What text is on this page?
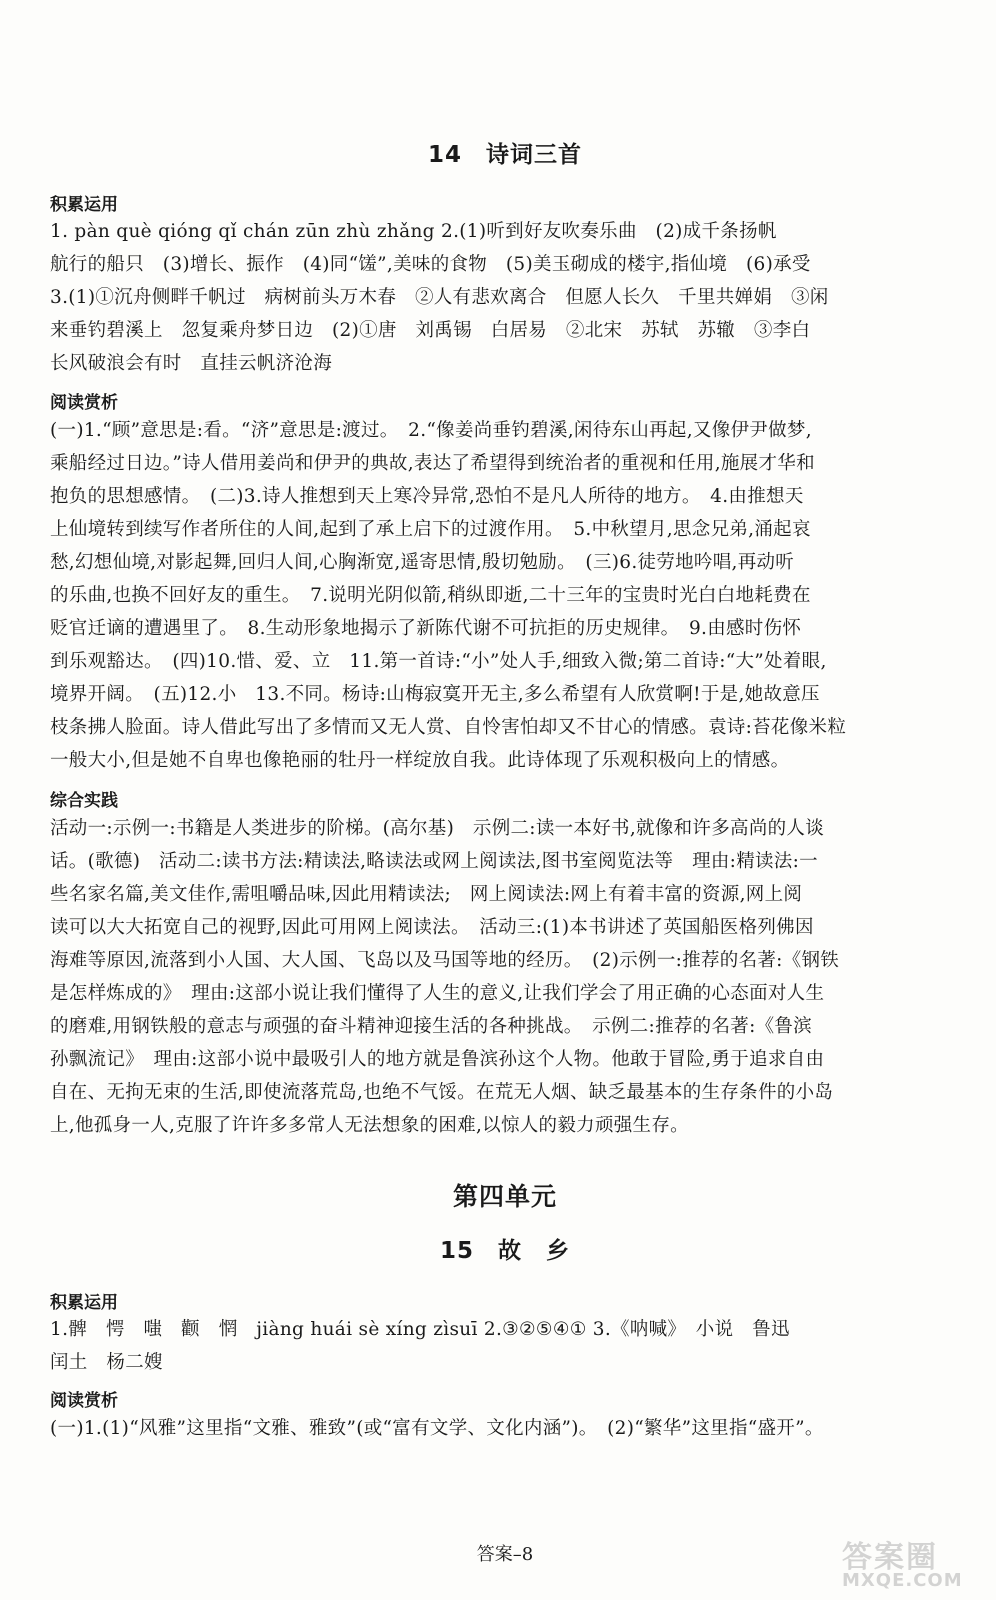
14　诗词三首
积累运用

1. pàn què qióng qǐ chán zūn zhù zhǎng 2.(1)听到好友吹奏乐曲　(2)成千条扬帆

航行的船只　(3)增长、振作　(4)同“馐”,美味的食物　(5)美玉砌成的楼宇,指仙境　(6)承受

3.(1)①沉舟侧畔千帆过　病树前头万木春　②人有悲欢离合　但愿人长久　千里共婵娟　③闲

来垂钓碧溪上　忽复乘舟梦日边　(2)①唐　刘禹锡　白居易　②北宋　苏轼　苏辙　③李白

长风破浪会有时　直挂云帆济沧海

阅读赏析

(一)1.“顾”意思是:看。“济”意思是:渡过。　2.“像姜尚垂钓碧溪,闲待东山再起,又像伊尹做梦,

乘船经过日边。”诗人借用姜尚和伊尹的典故,表达了希望得到统治者的重视和任用,施展才华和

抱负的思想感情。　(二)3.诗人推想到天上寒冷异常,恐怕不是凡人所待的地方。　4.由推想天

上仙境转到续写作者所住的人间,起到了承上启下的过渡作用。　5.中秋望月,思念兄弟,涌起哀

愁,幻想仙境,对影起舞,回归人间,心胸渐宽,遥寄思情,殷切勉励。　(三)6.徒劳地吟唱,再动听

的乐曲,也换不回好友的重生。　7.说明光阴似箭,稍纵即逝,二十三年的宝贵时光白白地耗费在

贬官迁谪的遭遇里了。　8.生动形象地揭示了新陈代谢不可抗拒的历史规律。　9.由感时伤怀

到乐观豁达。　(四)10.惜、爱、立　11.第一首诗:“小”处人手,细致入微;第二首诗:“大”处着眼,

境界开阔。　(五)12.小　13.不同。杨诗:山梅寂寞开无主,多么希望有人欣赏啊!于是,她故意压

枝条拂人脸面。诗人借此写出了多情而又无人赏、自怜害怕却又不甘心的情感。袁诗:苔花像米粒

一般大小,但是她不自卑也像艳丽的牡丹一样绽放自我。此诗体现了乐观积极向上的情感。

综合实践

活动一:示例一:书籍是人类进步的阶梯。(高尔基)　示例二:读一本好书,就像和许多高尚的人谈

话。(歌德)　活动二:读书方法:精读法,略读法或网上阅读法,图书室阅览法等　理由:精读法:一

些名家名篇,美文佳作,需咀嚼品味,因此用精读法;　网上阅读法:网上有着丰富的资源,网上阅

读可以大大拓宽自己的视野,因此可用网上阅读法。　活动三:(1)本书讲述了英国船医格列佛因

海难等原因,流落到小人国、大人国、飞岛以及马国等地的经历。　(2)示例一:推荐的名著:《钢铁

是怎样炼成的》　理由:这部小说让我们懂得了人生的意义,让我们学会了用正确的心态面对人生

的磨难,用钢铁般的意志与顽强的奋斗精神迎接生活的各种挑战。　示例二:推荐的名著:《鲁滨

孙飘流记》　理由:这部小说中最吸引人的地方就是鲁滨孙这个人物。他敢于冒险,勇于追求自由

自在、无拘无束的生活,即使流落荒岛,也绝不气馁。在荒无人烟、缺乏最基本的生存条件的小岛

上,他孤身一人,克服了许许多多常人无法想象的困难,以惊人的毅力顽强生存。

第四单元
15　故　乡
积累运用

1.髀　愕　嗤　颧　惘　jiàng huái sè xíng zìsuī 2.③②⑤④① 3.《呐喊》　小说　鲁迅

闰土　杨二嫂

阅读赏析

(一)1.(1)“风雅”这里指“文雅、雅致”(或“富有文学、文化内涵”)。　(2)“繁华”这里指“盛开”。

答案–8	答案圈
MXQE.COM
